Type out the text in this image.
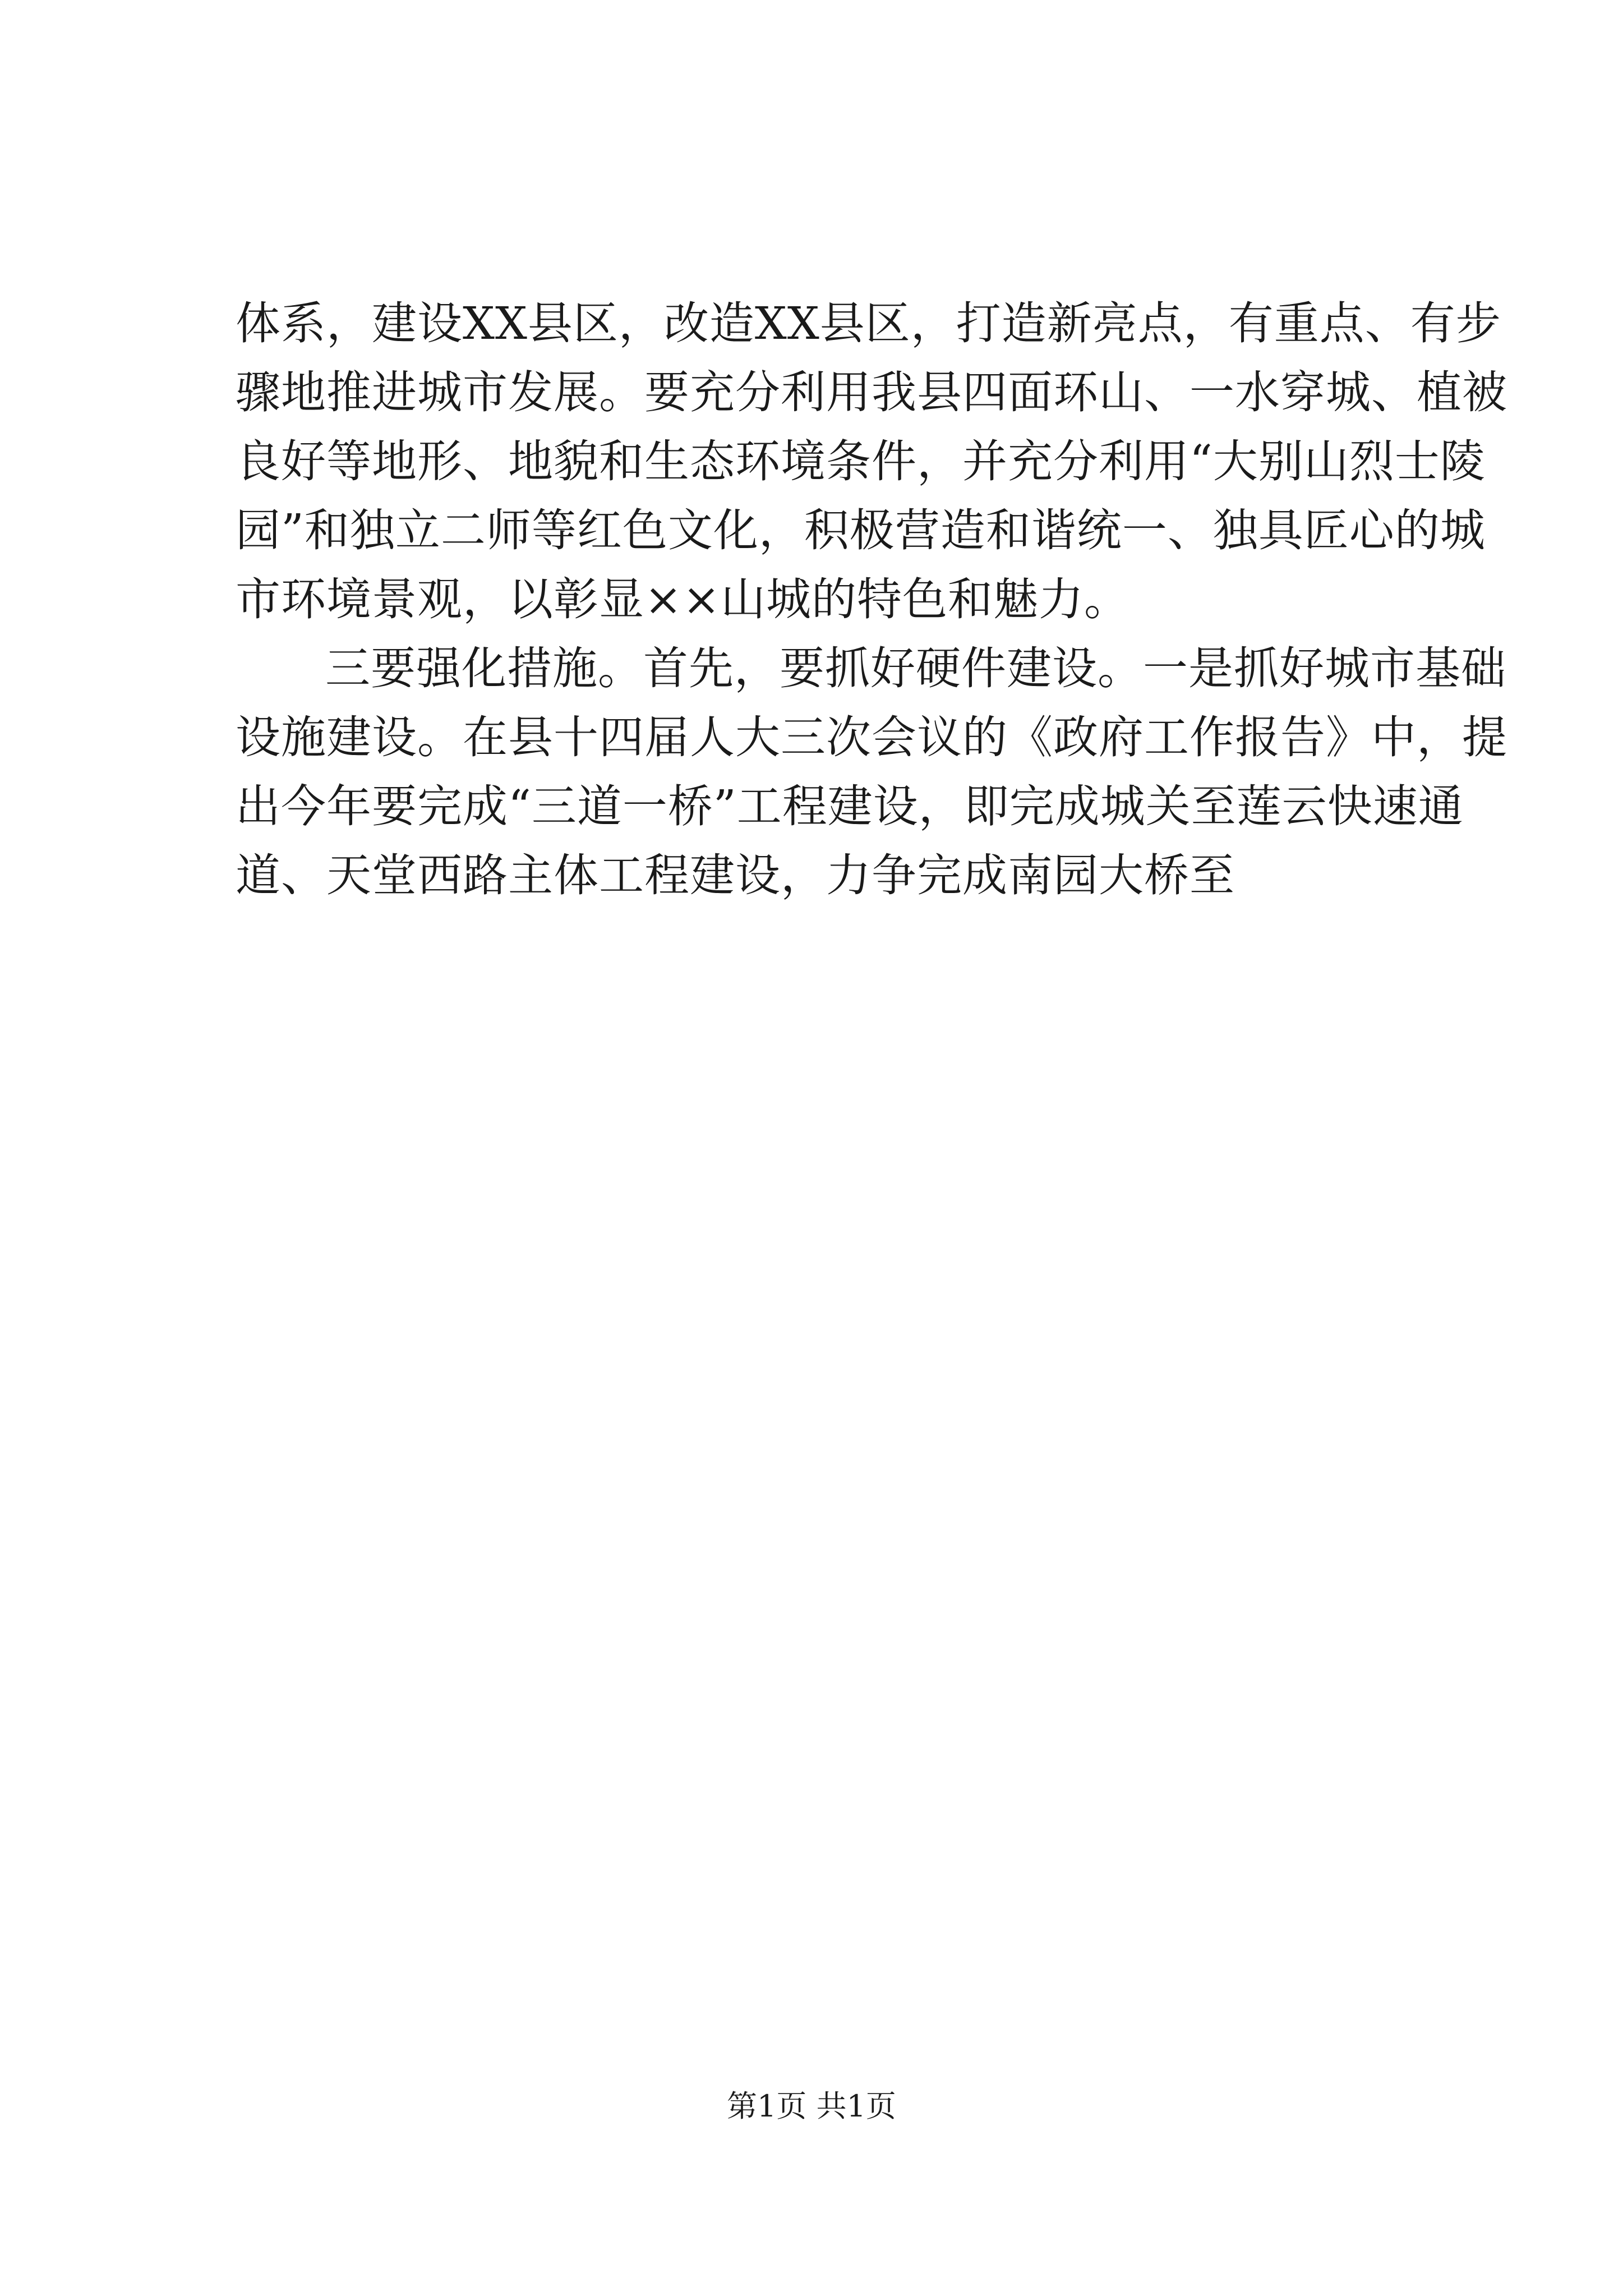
体系，建设XX县区，改造XX县区，打造新亮点，有重点、有步
骤地推进城市发展。要充分利用我县四面环山、一水穿城、植被
良好等地形、地貌和生态环境条件，并充分利用“大别山烈士陵
园”和独立二师等红色文化，积极营造和谐统一、独具匠心的城
市环境景观，以彰显××山城的特色和魅力。
三要强化措施。首先，要抓好硬件建设。一是抓好城市基础
设施建设。在县十四届人大三次会议的《政府工作报告》中，提
出今年要完成“三道一桥”工程建设，即完成城关至莲云快速通
道、天堂西路主体工程建设，力争完成南园大桥至
第1页 共1页
